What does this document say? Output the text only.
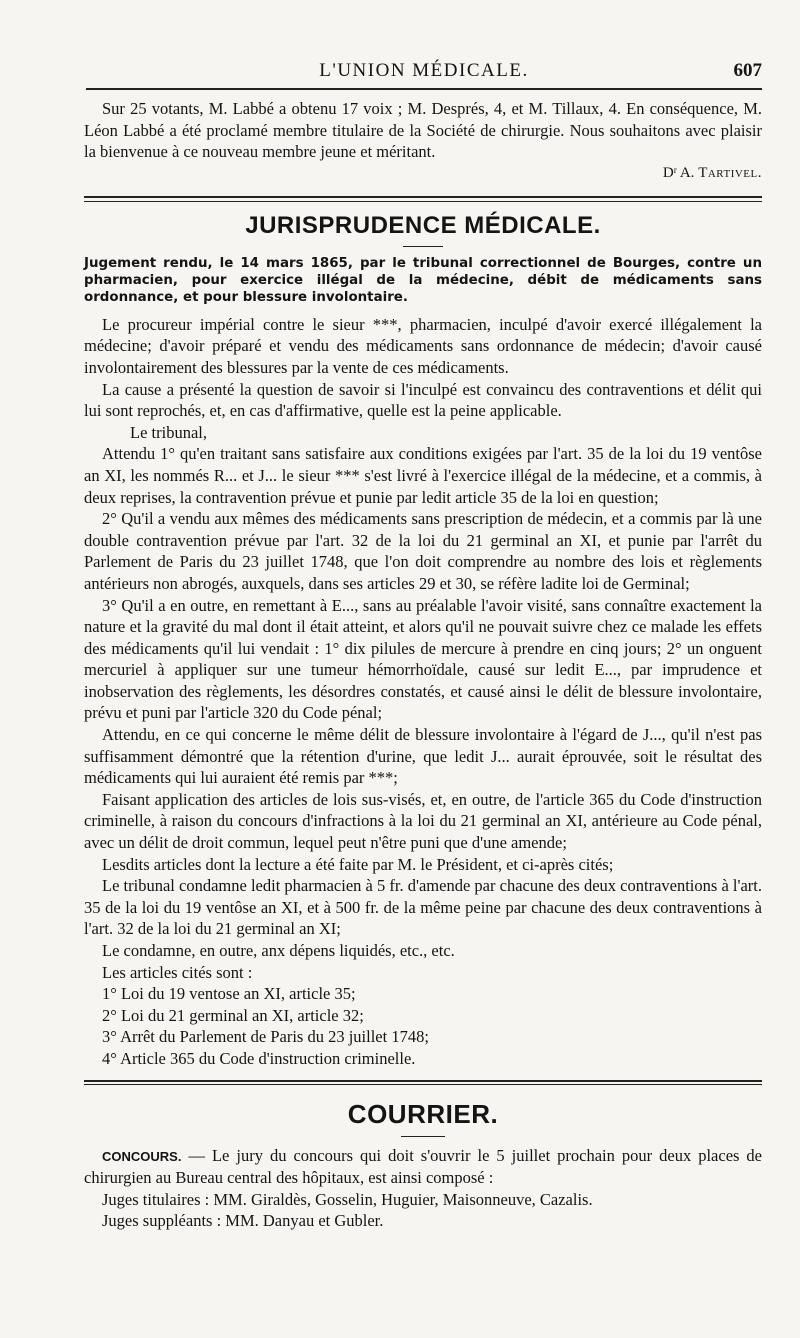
L'UNION MÉDICALE.	607

Sur 25 votants, M. Labbé a obtenu 17 voix ; M. Després, 4, et M. Tillaux, 4. En conséquence, M. Léon Labbé a été proclamé membre titulaire de la Société de chirurgie. Nous souhaitons avec plaisir la bienvenue à ce nouveau membre jeune et méritant.

Dʳ A. Tartivel.
JURISPRUDENCE MÉDICALE.
Jugement rendu, le 14 mars 1865, par le tribunal correctionnel de Bourges, contre un pharmacien, pour exercice illégal de la médecine, débit de médicaments sans ordonnance, et pour blessure involontaire.

Le procureur impérial contre le sieur ***, pharmacien, inculpé d'avoir exercé illégalement la médecine; d'avoir préparé et vendu des médicaments sans ordonnance de médecin; d'avoir causé involontairement des blessures par la vente de ces médicaments.

La cause a présenté la question de savoir si l'inculpé est convaincu des contraventions et délit qui lui sont reprochés, et, en cas d'affirmative, quelle est la peine applicable.

Le tribunal,

Attendu 1° qu'en traitant sans satisfaire aux conditions exigées par l'art. 35 de la loi du 19 ventôse an XI, les nommés R... et J... le sieur *** s'est livré à l'exercice illégal de la médecine, et a commis, à deux reprises, la contravention prévue et punie par ledit article 35 de la loi en question;

2° Qu'il a vendu aux mêmes des médicaments sans prescription de médecin, et a commis par là une double contravention prévue par l'art. 32 de la loi du 21 germinal an XI, et punie par l'arrêt du Parlement de Paris du 23 juillet 1748, que l'on doit comprendre au nombre des lois et règlements antérieurs non abrogés, auxquels, dans ses articles 29 et 30, se réfère ladite loi de Germinal;

3° Qu'il a en outre, en remettant à E..., sans au préalable l'avoir visité, sans connaître exactement la nature et la gravité du mal dont il était atteint, et alors qu'il ne pouvait suivre chez ce malade les effets des médicaments qu'il lui vendait : 1° dix pilules de mercure à prendre en cinq jours; 2° un onguent mercuriel à appliquer sur une tumeur hémorrhoïdale, causé sur ledit E..., par imprudence et inobservation des règlements, les désordres constatés, et causé ainsi le délit de blessure involontaire, prévu et puni par l'article 320 du Code pénal;

Attendu, en ce qui concerne le même délit de blessure involontaire à l'égard de J..., qu'il n'est pas suffisamment démontré que la rétention d'urine, que ledit J... aurait éprouvée, soit le résultat des médicaments qui lui auraient été remis par ***;

Faisant application des articles de lois sus-visés, et, en outre, de l'article 365 du Code d'instruction criminelle, à raison du concours d'infractions à la loi du 21 germinal an XI, antérieure au Code pénal, avec un délit de droit commun, lequel peut n'être puni que d'une amende;

Lesdits articles dont la lecture a été faite par M. le Président, et ci-après cités;

Le tribunal condamne ledit pharmacien à 5 fr. d'amende par chacune des deux contraventions à l'art. 35 de la loi du 19 ventôse an XI, et à 500 fr. de la même peine par chacune des deux contraventions à l'art. 32 de la loi du 21 germinal an XI;

Le condamne, en outre, anx dépens liquidés, etc., etc.

Les articles cités sont :

1° Loi du 19 ventose an XI, article 35;

2° Loi du 21 germinal an XI, article 32;

3° Arrêt du Parlement de Paris du 23 juillet 1748;

4° Article 365 du Code d'instruction criminelle.

COURRIER.

CONCOURS. — Le jury du concours qui doit s'ouvrir le 5 juillet prochain pour deux places de chirurgien au Bureau central des hôpitaux, est ainsi composé :

Juges titulaires : MM. Giraldès, Gosselin, Huguier, Maisonneuve, Cazalis.

Juges suppléants : MM. Danyau et Gubler.
